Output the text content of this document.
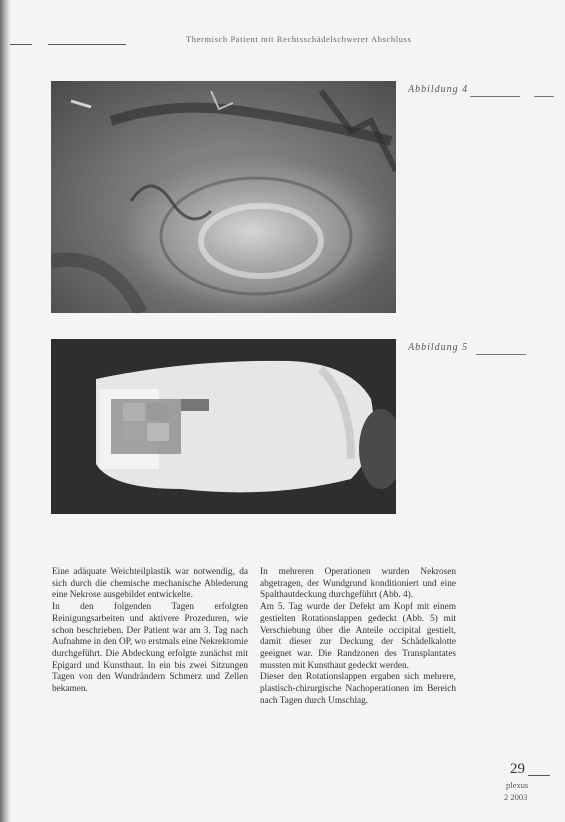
Thermisch Patient mit Rechtsschädelschwerer Abschluss
Abbildung 4
Abbildung 5

Eine adäquate Weichteilplastik war notwendig, da sich durch die chemische mechanische Ablederung eine Nekrose ausgebildet entwickelte.

In den folgenden Tagen erfolgten Reinigungsarbeiten und aktivere Prozeduren, wie schon beschrieben. Der Patient war am 3. Tag nach Aufnahme in den OP, wo erstmals eine Nekrektomie durchgeführt. Die Abdeckung erfolgte zunächst mit Epigard und Kunsthaut. In ein bis zwei Sitzungen Tagen von den Wundrändern Schmerz und Zellen bekamen.

In mehreren Operationen wurden Nekrosen abgetragen, der Wundgrund konditioniert und eine Spalthautdeckung durchgeführt (Abb. 4).

Am 5. Tag wurde der Defekt am Kopf mit einem gestielten Rotationslappen gedeckt (Abb. 5) mit Verschiebung über die Anteile occipital gestielt, damit dieser zur Deckung der Schädelkalotte geeignet war. Die Randzonen des Transplantates mussten mit Kunsthaut gedeckt werden.

Dieser den Rotationslappen ergaben sich mehrere, plastisch-chirurgische Nachoperationen im Bereich nach Tagen durch Umschlag.

29
plexus
2 2003
